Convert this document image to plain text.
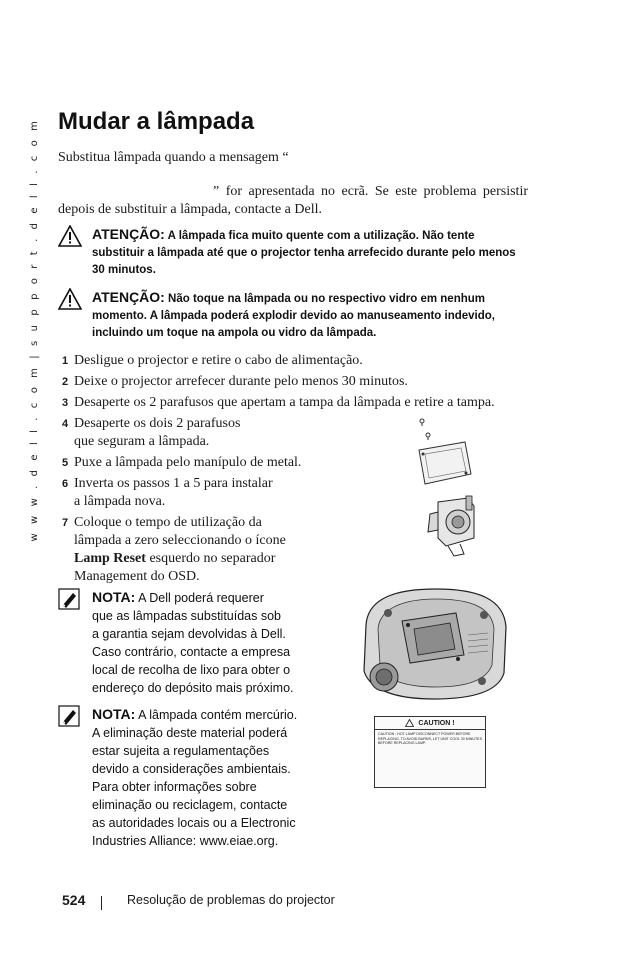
w w w . d e l l . c o m | s u p p o r t . d e l l . c o m Mudar a lâmpada
Substitua lâmpada quando a mensagem “
” for apresentada no ecrã. Se este problema persistir depois de substituir a lâmpada, contacte a Dell.
ATENÇÃO: A lâmpada fica muito quente com a utilização. Não tente substituir a lâmpada até que o projector tenha arrefecido durante pelo menos 30 minutos.
ATENÇÃO: Não toque na lâmpada ou no respectivo vidro em nenhum momento. A lâmpada poderá explodir devido ao manuseamento indevido, incluindo um toque na ampola ou vidro da lâmpada.
1 Desligue o projector e retire o cabo de alimentação.
2 Deixe o projector arrefecer durante pelo menos 30 minutos.
3 Desaperte os 2 parafusos que apertam a tampa da lâmpada e retire a tampa.
4 Desaperte os dois 2 parafusos
que seguram a lâmpada.
5 Puxe a lâmpada pelo manípulo de metal.
6 Inverta os passos 1 a 5 para instalar
a lâmpada nova.
7 Coloque o tempo de utilização da
lâmpada a zero seleccionando o ícone
Lamp Reset esquerdo no separador
Management do OSD.
NOTA: A Dell poderá requerer
que as lâmpadas substituídas sob
a garantia sejam devolvidas à Dell.
Caso contrário, contacte a empresa
local de recolha de lixo para obter o
endereço do depósito mais próximo.
NOTA: A lâmpada contém mercúrio.
A eliminação deste material poderá
estar sujeita a regulamentações
devido a considerações ambientais.
Para obter informações sobre
eliminação ou reciclagem, contacte
as autoridades locais ou a Electronic
Industries Alliance: www.eiae.org.
CAUTION !
CAUTION : HOT LAMP DISCONNECT POWER BEFORE REPLACING. TO AVOID BURNS, LET UNIT COOL 30 MINUTES BEFORE REPLACING LAMP.
524	Resolução de problemas do projector
